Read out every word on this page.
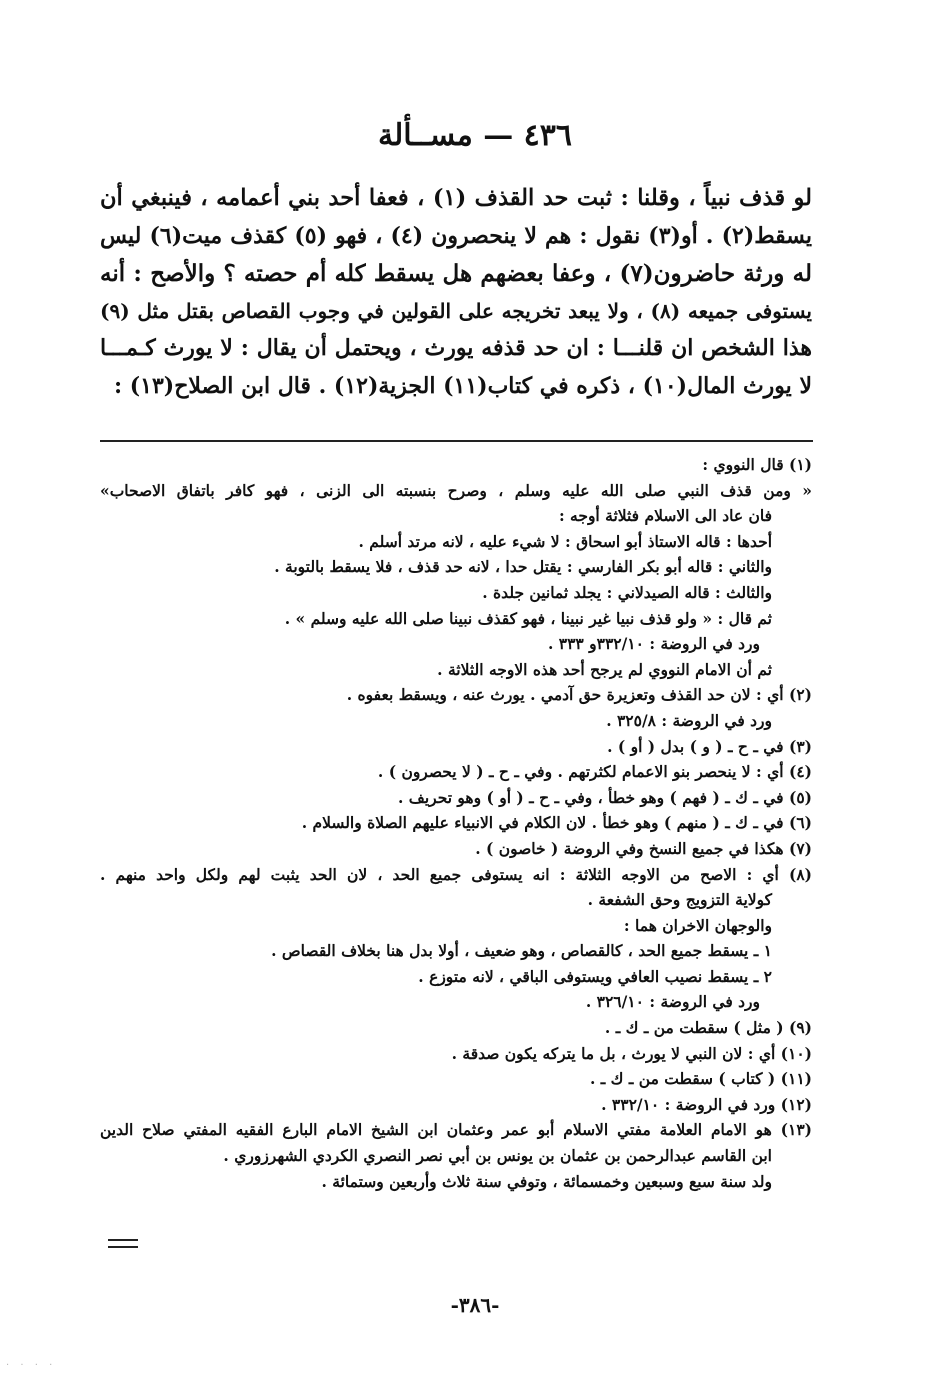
٤٣٦ — مســألة
لو قذف نبياً ، وقلنا : ثبت حد القذف (١) ، فعفا أحد بني أعمامه ، فينبغي أن
يسقط(٢) . أو(٣) نقول : هم لا ينحصرون (٤) ، فهو (٥) كقذف ميت(٦) ليس
له ورثة حاضرون(٧) ، وعفا بعضهم هل يسقط كله أم حصته ؟ والأصح : أنه
يستوفى جميعه (٨) ، ولا يبعد تخريجه على القولين في وجوب القصاص بقتل مثل (٩)
هذا الشخص ان قلنـــا : ان حد قذفه يورث ، ويحتمل أن يقال : لا يورث كـمـــا
لا يورث المال(١٠) ، ذكره في كتاب(١١) الجزية(١٢) . قال ابن الصلاح(١٣) :
(١) قال النووي :
« ومن قذف النبي صلى الله عليه وسلم ، وصرح بنسبته الى الزنى ، فهو كافر باتفاق الاصحاب»
فان عاد الى الاسلام فثلاثة أوجه :
أحدها : قاله الاستاذ أبو اسحاق : لا شيء عليه ، لانه مرتد أسلم .
والثاني : قاله أبو بكر الفارسي : يقتل حدا ، لانه حد قذف ، فلا يسقط بالتوبة .
والثالث : قاله الصيدلاني : يجلد ثمانين جلدة .
ثم قال : « ولو قذف نبيا غير نبينا ، فهو كقذف نبينا صلى الله عليه وسلم » .
ورد في الروضة : ٣٣٢/١٠و ٣٣٣ .
ثم أن الامام النووي لم يرجح أحد هذه الاوجه الثلاثة .
(٢) أي : لان حد القذف وتعزيرة حق آدمي . يورث عنه ، ويسقط بعفوه .
ورد في الروضة : ٣٢٥/٨ .
(٣) في ـ ح ـ ( و ) بدل ( أو ) .
(٤) أي : لا ينحصر بنو الاعمام لكثرتهم . وفي ـ ح ـ ( لا يحصرون ) .
(٥) في ـ ك ـ ( فهم ) وهو خطأ ، وفي ـ ح ـ ( أو ) وهو تحريف .
(٦) في ـ ك ـ ( منهم ) وهو خطأ . لان الكلام في الانبياء عليهم الصلاة والسلام .
(٧) هكذا في جميع النسخ وفي الروضة ( خاصون ) .
(٨) أي : الاصح من الاوجه الثلاثة : انه يستوفى جميع الحد ، لان الحد يثبت لهم ولكل واحد منهم .
كولاية التزويج وحق الشفعة .
والوجهان الاخران هما :
١ ـ يسقط جميع الحد ، كالقصاص ، وهو ضعيف ، أولا بدل هنا بخلاف القصاص .
٢ ـ يسقط نصيب العافي ويستوفى الباقي ، لانه متوزع .
ورد في الروضة : ٣٢٦/١٠ .
(٩) ( مثل ) سقطت من ـ ك ـ .
(١٠) أي : لان النبي لا يورث ، بل ما يتركه يكون صدقة .
(١١) ( كتاب ) سقطت من ـ ك ـ .
(١٢) ورد في الروضة : ٣٣٢/١٠ .
(١٣) هو الامام العلامة مفتي الاسلام أبو عمر وعثمان ابن الشيخ الامام البارع الفقيه المفتي صلاح الدين
ابن القاسم عبدالرحمن بن عثمان بن يونس بن أبي نصر النصري الكردي الشهرزوري .
ولد سنة سبع وسبعين وخمسمائة ، وتوفي سنة ثلاث وأربعين وستمائة .
-٣٨٦-
· · · ·
